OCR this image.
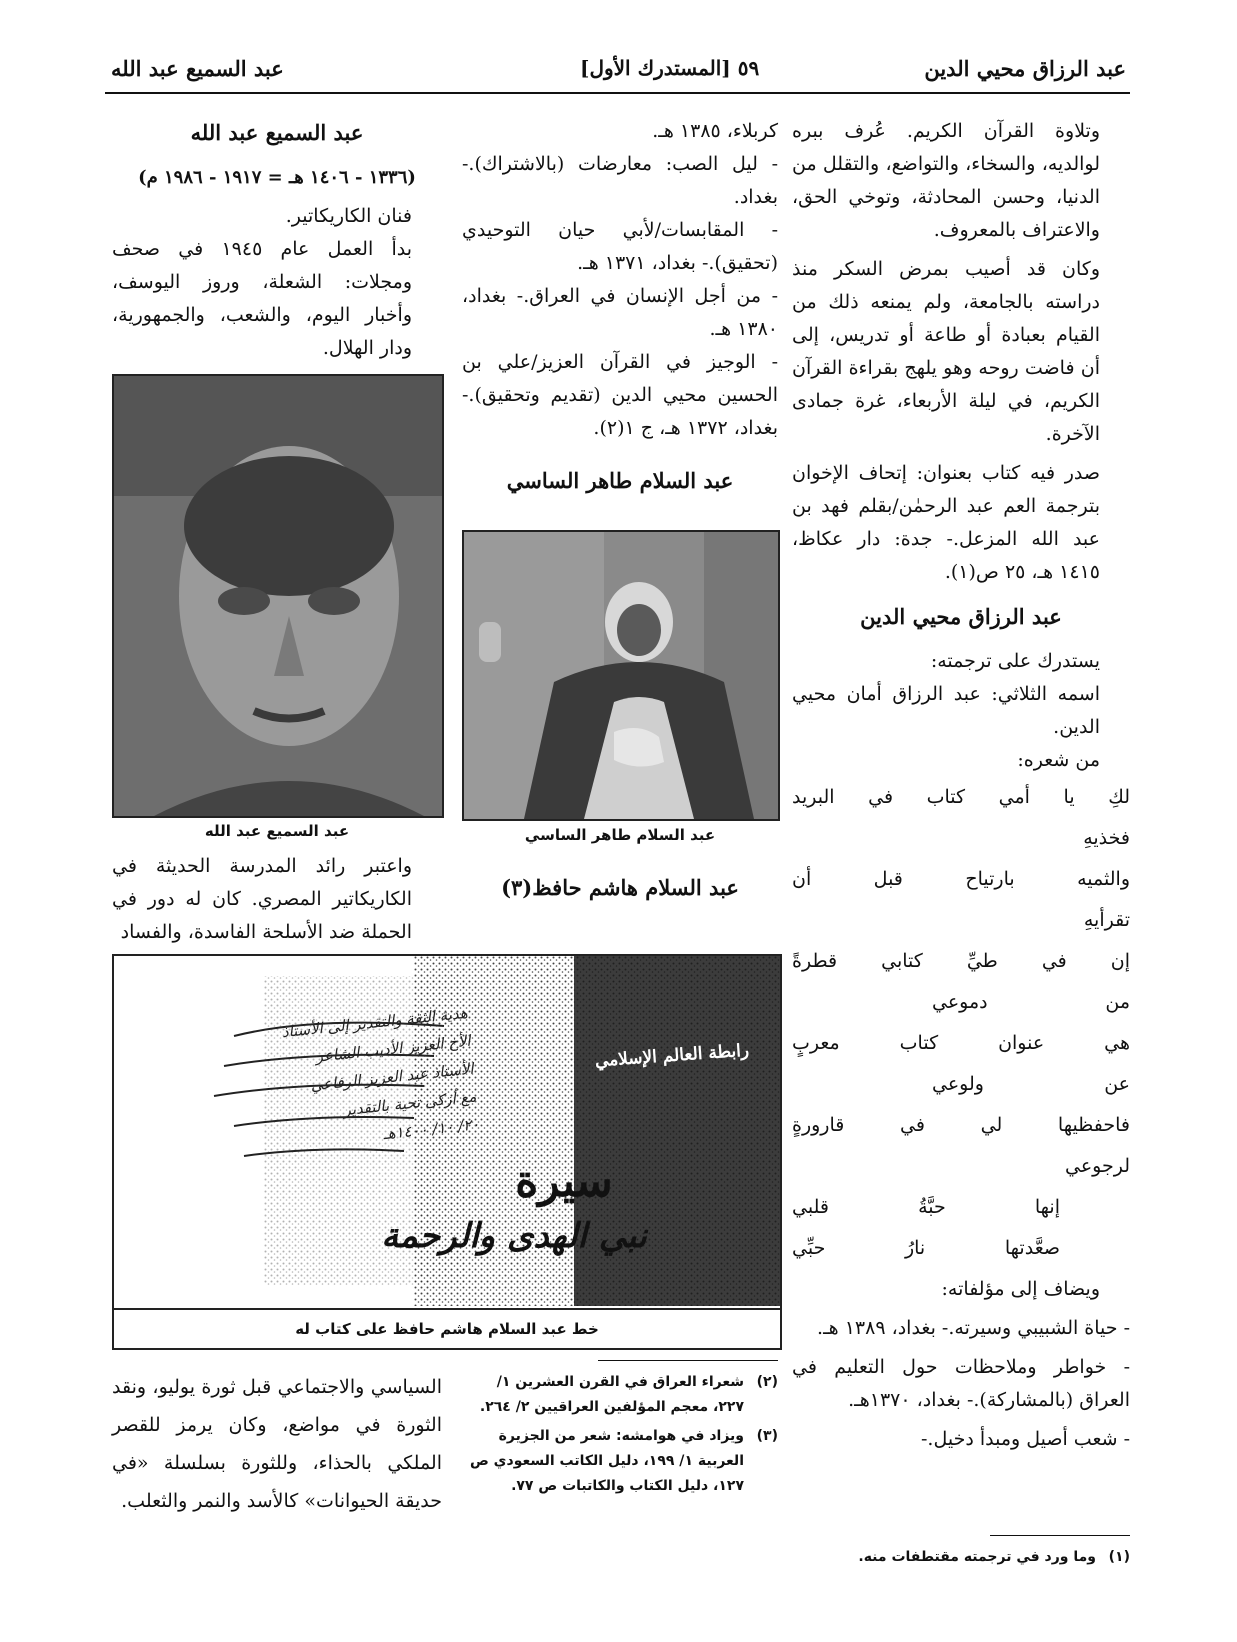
عبد الرزاق محيي الدين
٥٩ [المستدرك الأول]
عبد السميع عبد الله

وتلاوة القرآن الكريم. عُرف ببره لوالديه، والسخاء، والتواضع، والتقلل من الدنيا، وحسن المحادثة، وتوخي الحق، والاعتراف بالمعروف.

وكان قد أصيب بمرض السكر منذ دراسته بالجامعة، ولم يمنعه ذلك من القيام بعبادة أو طاعة أو تدريس، إلى أن فاضت روحه وهو يلهج بقراءة القرآن الكريم، في ليلة الأربعاء، غرة جمادى الآخرة.

صدر فيه كتاب بعنوان: إتحاف الإخوان بترجمة العم عبد الرحمٰن/بقلم فهد بن عبد الله المزعل.- جدة: دار عكاظ، ١٤١٥ هـ، ٢٥ ص(١).

عبد الرزاق محيي الدين

يستدرك على ترجمته:

اسمه الثلاثي: عبد الرزاق أمان محيي الدين.

من شعره:

لكِ يا أمي كتاب في البريد

فخذيهِ

والثميه بارتياح قبل أن

تقرأيهِ

إن في طيِّ كتابي قطرةً

من دموعي

هي عنوان كتاب معربٍ

عن ولوعي

فاحفظيها لي في قارورةٍ

لرجوعي

إنها حبَّةُ قلبي

صعَّدتها نارُ حبِّي

ويضاف إلى مؤلفاته:

- حياة الشبيبي وسيرته.- بغداد، ١٣٨٩ هـ.

- خواطر وملاحظات حول التعليم في العراق (بالمشاركة).- بغداد، ١٣٧٠هـ.

- شعب أصيل ومبدأ دخيل.-

(١)وما ورد في ترجمته مقتطفات منه.

كربلاء، ١٣٨٥ هـ.

- ليل الصب: معارضات (بالاشتراك).- بغداد.

- المقابسات/لأبي حيان التوحيدي (تحقيق).- بغداد، ١٣٧١ هـ.

- من أجل الإنسان في العراق.- بغداد، ١٣٨٠ هـ.

- الوجيز في القرآن العزيز/علي بن الحسين محيي الدين (تقديم وتحقيق).- بغداد، ١٣٧٢ هـ، ج ١(٢).

عبد السلام طاهر الساسي
عبد السلام طاهر الساسي
عبد السلام هاشم حافظ(٣)
عبد السميع عبد الله

(١٣٣٦ - ١٤٠٦ هـ = ١٩١٧ - ١٩٨٦ م)

فنان الكاريكاتير.

بدأ العمل عام ١٩٤٥ في صحف ومجلات: الشعلة، وروز اليوسف، وأخبار اليوم، والشعب، والجمهورية، ودار الهلال.

عبد السميع عبد الله

واعتبر رائد المدرسة الحديثة في الكاريكاتير المصري. كان له دور في الحملة ضد الأسلحة الفاسدة، والفساد

هدية الثقة والتقدير إلى الأستاذ
الأخ العزيز الأديب الشاعر
الأستاذ عبد العزيز الرفاعي
مع أزكى تحية بالتقدير
٢٠/ ١٠/ ١٤٠٠هـ
رابطة العالم الإسلامي
سيرة
نبي الهدى والرحمة
خط عبد السلام هاشم حافظ على كتاب له
(٢)
شعراء العراق في القرن العشرين ١/ ٢٢٧، معجم المؤلفين العراقيين ٢/ ٢٦٤.
(٣)
ويزاد في هوامشه: شعر من الجزيرة العربية ١/ ١٩٩، دليل الكاتب السعودي ص ١٢٧، دليل الكتاب والكاتبات ص ٧٧.

السياسي والاجتماعي قبل ثورة يوليو، ونقد الثورة في مواضع، وكان يرمز للقصر الملكي بالحذاء، وللثورة بسلسلة «في حديقة الحيوانات» كالأسد والنمر والثعلب.
